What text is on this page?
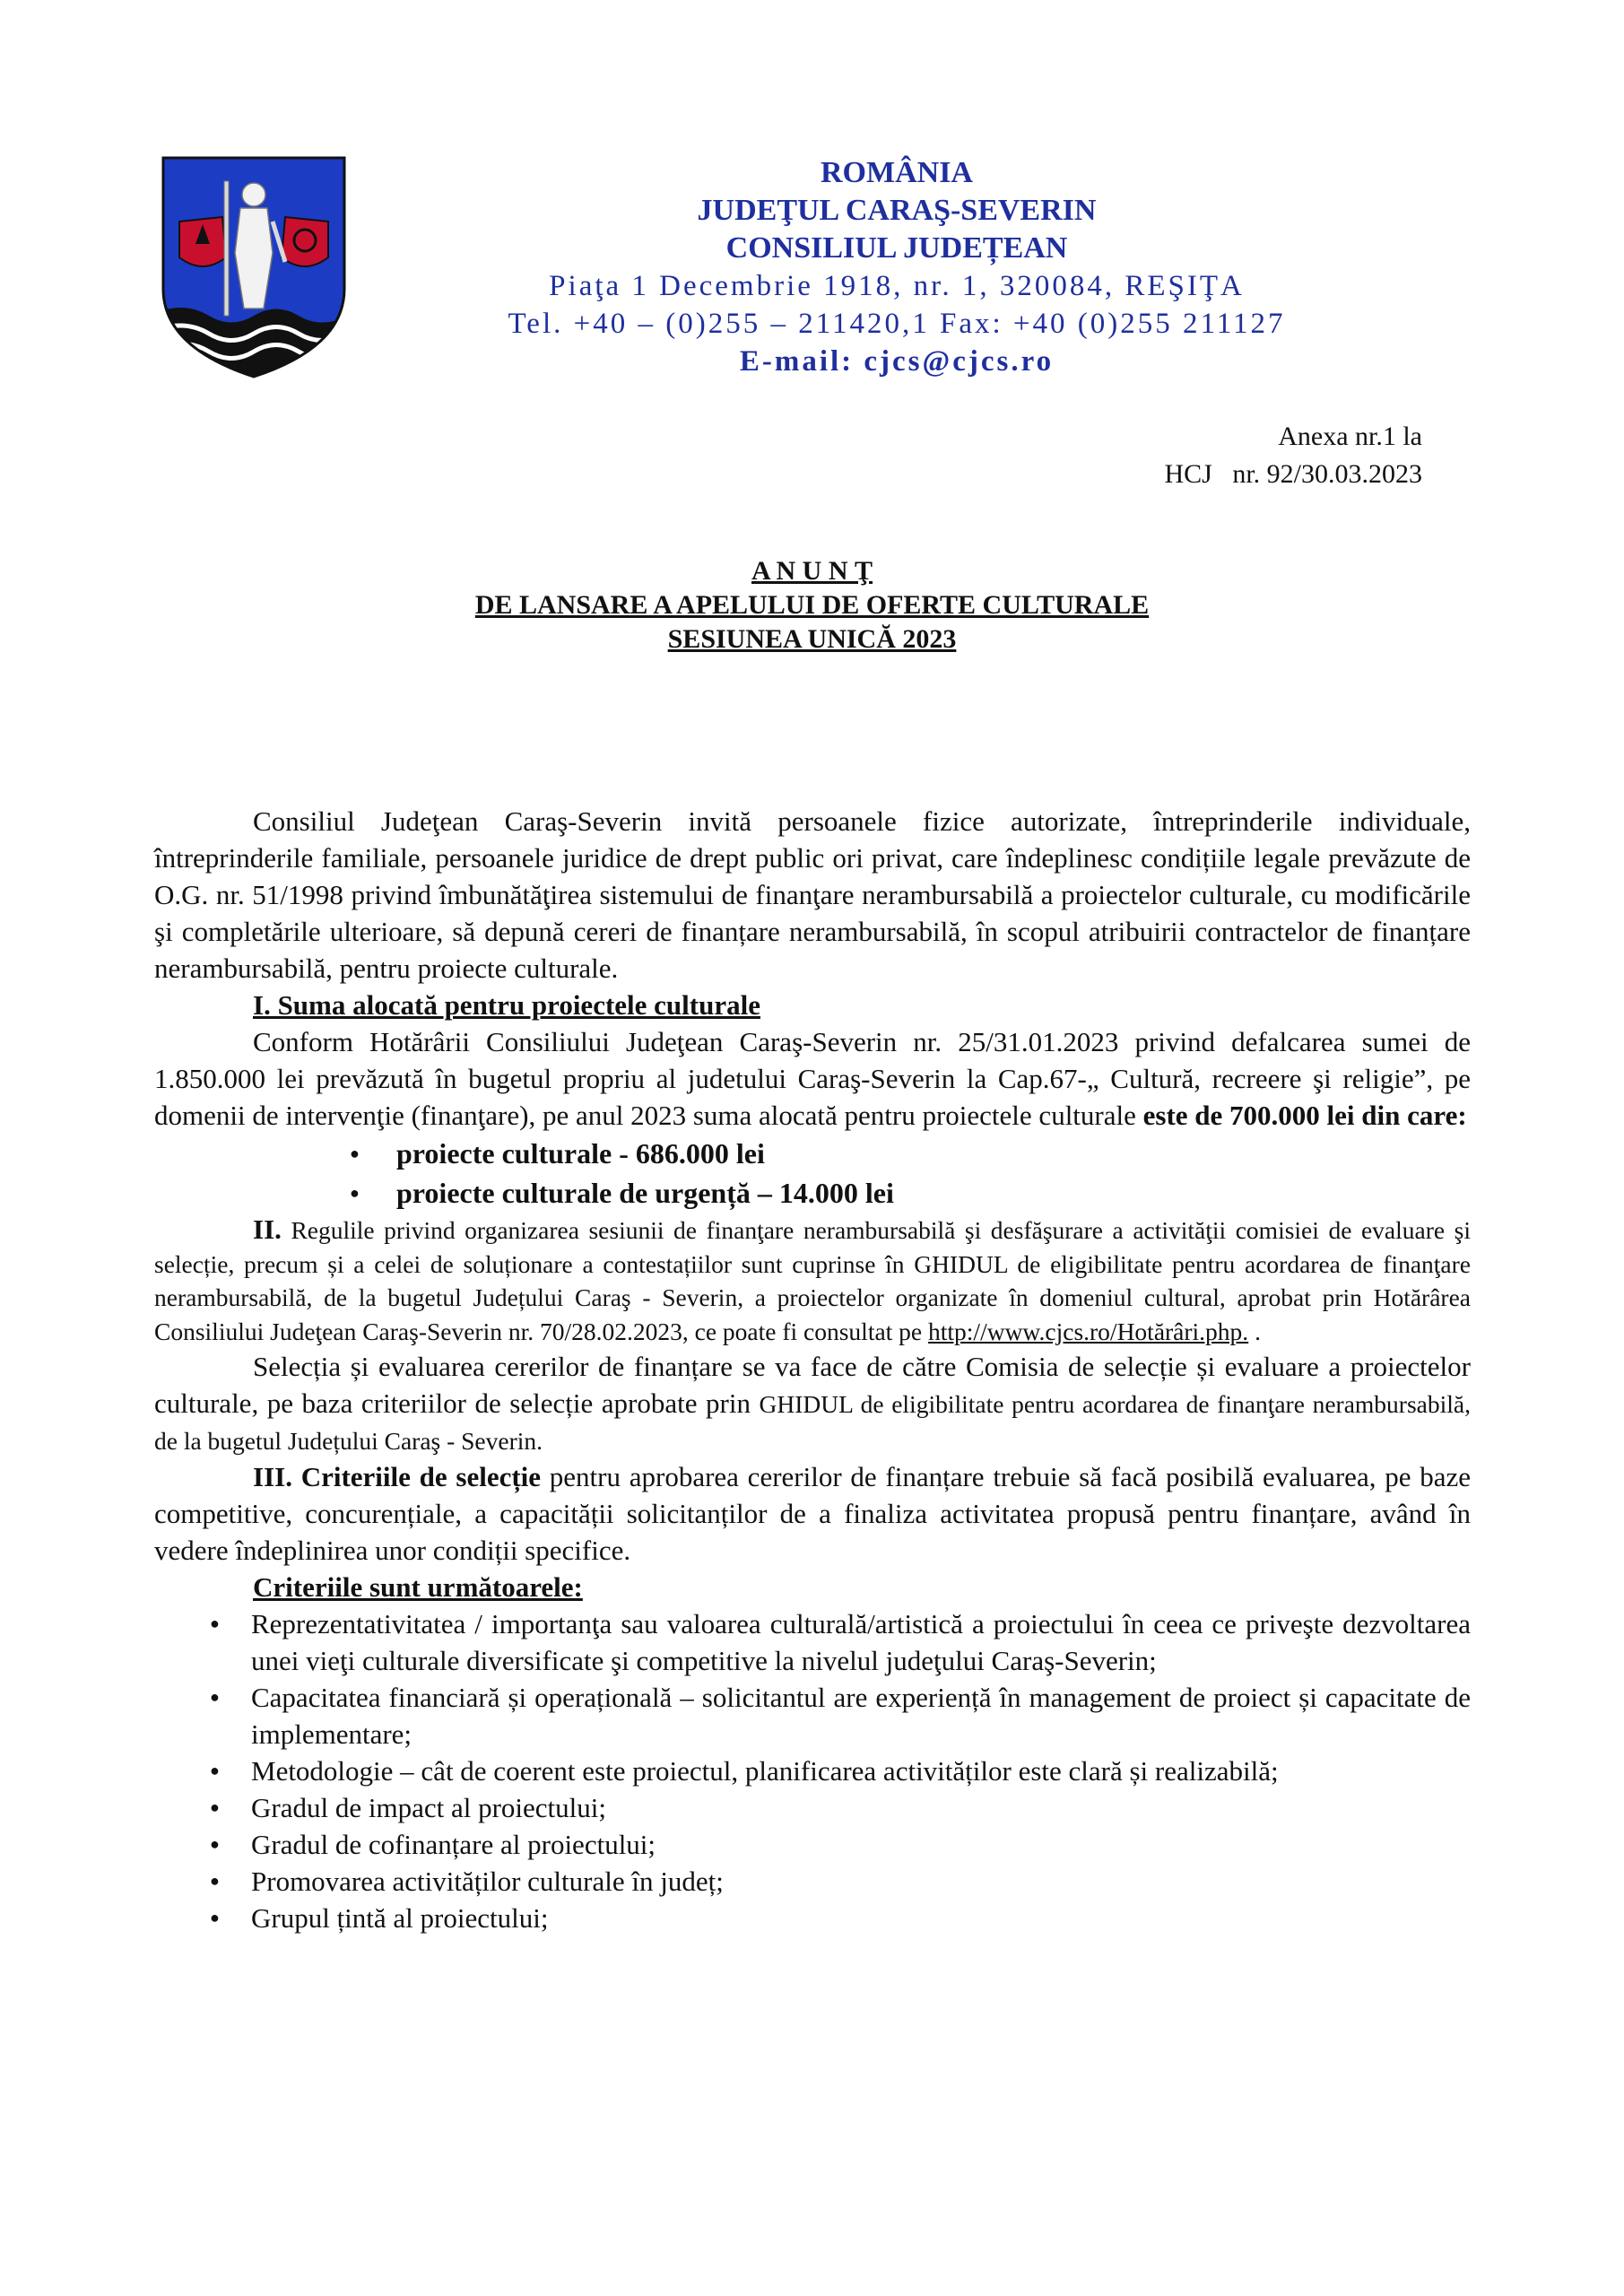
ROMÂNIA
JUDEŢUL CARAŞ-SEVERIN
CONSILIUL JUDEȚEAN
Piaţa 1 Decembrie 1918, nr. 1, 320084, REŞIŢA
Tel. +40 – (0)255 – 211420,1 Fax: +40 (0)255 211127
E-mail: cjcs@cjcs.ro
Anexa nr.1 la
HCJ   nr. 92/30.03.2023
A N U N Ţ
DE LANSARE A APELULUI DE OFERTE CULTURALE
SESIUNEA UNICĂ 2023

Consiliul Judeţean Caraş-Severin invită persoanele fizice autorizate, întreprinderile individuale, întreprinderile familiale, persoanele juridice de drept public ori privat, care îndeplinesc condițiile legale prevăzute de O.G. nr. 51/1998 privind îmbunătăţirea sistemului de finanţare nerambursabilă a proiectelor culturale, cu modificările şi completările ulterioare, să depună cereri de finanțare nerambursabilă, în scopul atribuirii contractelor de finanțare nerambursabilă, pentru proiecte culturale.

I. Suma alocată pentru proiectele culturale

Conform Hotărârii Consiliului Judeţean Caraş-Severin nr. 25/31.01.2023 privind defalcarea sumei de 1.850.000 lei prevăzută în bugetul propriu al judetului Caraş-Severin la Cap.67-„ Cultură, recreere şi religie”, pe domenii de intervenţie (finanţare), pe anul 2023 suma alocată pentru proiectele culturale este de 700.000 lei din care:

● proiecte culturale - 686.000 lei
● proiecte culturale de urgență – 14.000 lei

II. Regulile privind organizarea sesiunii de finanţare nerambursabilă şi desfăşurare a activităţii comisiei de evaluare şi selecție, precum și a celei de soluționare a contestațiilor sunt cuprinse în GHIDUL de eligibilitate pentru acordarea de finanţare nerambursabilă, de la bugetul Județului Caraş - Severin, a proiectelor organizate în domeniul cultural, aprobat prin Hotărârea Consiliului Judeţean Caraş-Severin nr. 70/28.02.2023, ce poate fi consultat pe http://www.cjcs.ro/Hotărâri.php. .

Selecția și evaluarea cererilor de finanțare se va face de către Comisia de selecție și evaluare a proiectelor culturale, pe baza criteriilor de selecție aprobate prin GHIDUL de eligibilitate pentru acordarea de finanţare nerambursabilă, de la bugetul Județului Caraş - Severin.

III. Criteriile de selecție pentru aprobarea cererilor de finanțare trebuie să facă posibilă evaluarea, pe baze competitive, concurențiale, a capacității solicitanților de a finaliza activitatea propusă pentru finanțare, având în vedere îndeplinirea unor condiții specifice.

Criteriile sunt următoarele:
● Reprezentativitatea / importanţa sau valoarea culturală/artistică a proiectului în ceea ce priveşte dezvoltarea unei vieţi culturale diversificate şi competitive la nivelul judeţului Caraş-Severin;
● Capacitatea financiară și operațională – solicitantul are experiență în management de proiect și capacitate de implementare;
● Metodologie – cât de coerent este proiectul, planificarea activităților este clară și realizabilă;
● Gradul de impact al proiectului;
● Gradul de cofinanțare al proiectului;
● Promovarea activităților culturale în județ;
● Grupul țintă al proiectului;
